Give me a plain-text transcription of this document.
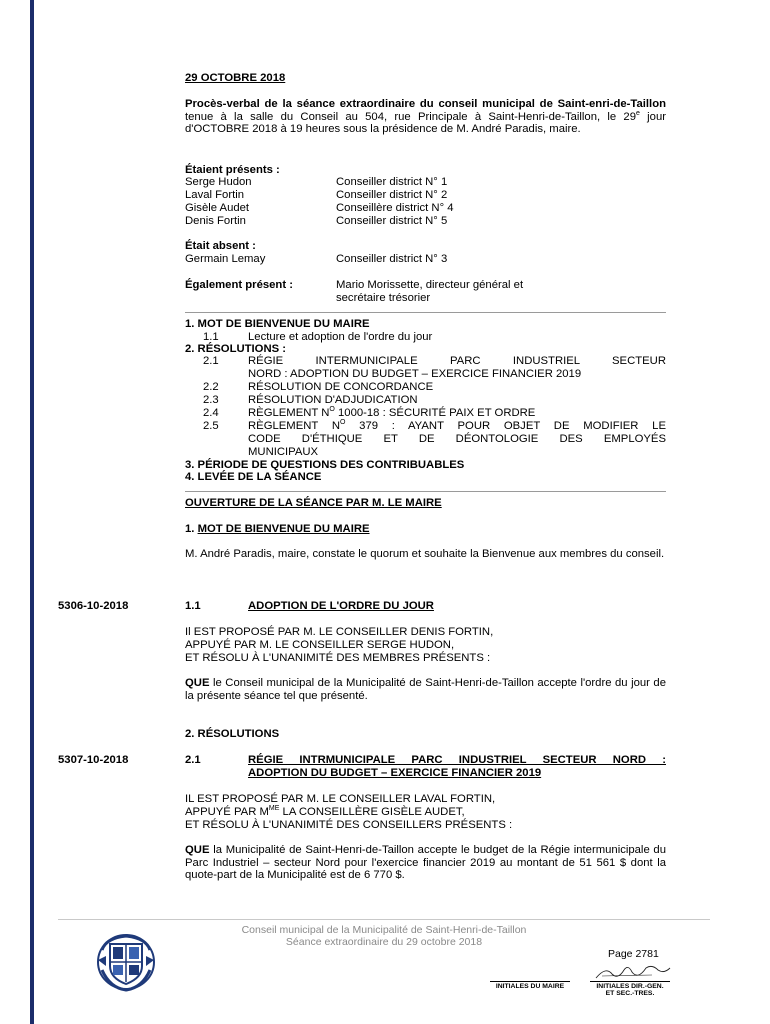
29 OCTOBRE 2018
Procès-verbal de la séance extraordinaire du conseil municipal de Saint-enri-de-Taillon tenue à la salle du Conseil au 504, rue Principale à Saint-Henri-de-Taillon, le 29e jour d'OCTOBRE 2018 à 19 heures sous la présidence de M. André Paradis, maire.
Étaient présents :
Serge Hudon	Conseiller district N° 1
Laval Fortin	Conseiller district N° 2
Gisèle Audet	Conseillère district N° 4
Denis Fortin	Conseiller district N° 5
Était absent :
Germain Lemay	Conseiller district N° 3
Également présent :	Mario Morissette, directeur général et
secrétaire trésorier
1. MOT DE BIENVENUE DU MAIRE
1.1	Lecture et adoption de l'ordre du jour
2. RÉSOLUTIONS :
2.1	RÉGIE INTERMUNICIPALE PARC INDUSTRIEL SECTEUR
NORD : ADOPTION DU BUDGET – EXERCICE FINANCIER 2019
2.2	RÉSOLUTION DE CONCORDANCE
2.3	RÉSOLUTION D'ADJUDICATION
2.4	RÈGLEMENT $N^O$ 1000-18 : SÉCURITÉ PAIX ET ORDRE
2.5	RÈGLEMENT $N^O$ 379 : AYANT POUR OBJET DE MODIFIER LE
CODE D'ÉTHIQUE ET DE DÉONTOLOGIE DES EMPLOYÉS
MUNICIPAUX
3. PÉRIODE DE QUESTIONS DES CONTRIBUABLES
4. LEVÉE DE LA SÉANCE
OUVERTURE DE LA SÉANCE PAR M. LE MAIRE
1. MOT DE BIENVENUE DU MAIRE
M. André Paradis, maire, constate le quorum et souhaite la Bienvenue aux membres du conseil.
5306-10-2018	1.1	ADOPTION DE L'ORDRE DU JOUR
Il EST PROPOSÉ PAR M. LE CONSEILLER DENIS FORTIN,
APPUYÉ PAR M. LE CONSEILLER SERGE HUDON,
ET RÉSOLU À L'UNANIMITÉ DES MEMBRES PRÉSENTS :
QUE le Conseil municipal de la Municipalité de Saint-Henri-de-Taillon accepte l'ordre du jour de la présente séance tel que présenté.
2. RÉSOLUTIONS
5307-10-2018	2.1	RÉGIE INTRMUNICIPALE PARC INDUSTRIEL SECTEUR NORD :
ADOPTION DU BUDGET – EXERCICE FINANCIER 2019
IL EST PROPOSÉ PAR M. LE CONSEILLER LAVAL FORTIN,
APPUYÉ PAR $M^{ME}$ LA CONSEILLÈRE GISÈLE AUDET,
ET RÉSOLU À L'UNANIMITÉ DES CONSEILLERS PRÉSENTS :
QUE la Municipalité de Saint-Henri-de-Taillon accepte le budget de la Régie intermunicipale du Parc Industriel – secteur Nord pour l'exercice financier 2019 au montant de 51 561 $ dont la quote-part de la Municipalité est de 6 770 $.
Conseil municipal de la Municipalité de Saint-Henri-de-Taillon
Séance extraordinaire du 29 octobre 2018
Page 2781
INITIALES DU MAIRE	INITIALES DIR.-GEN.
ET SEC.-TRES.
